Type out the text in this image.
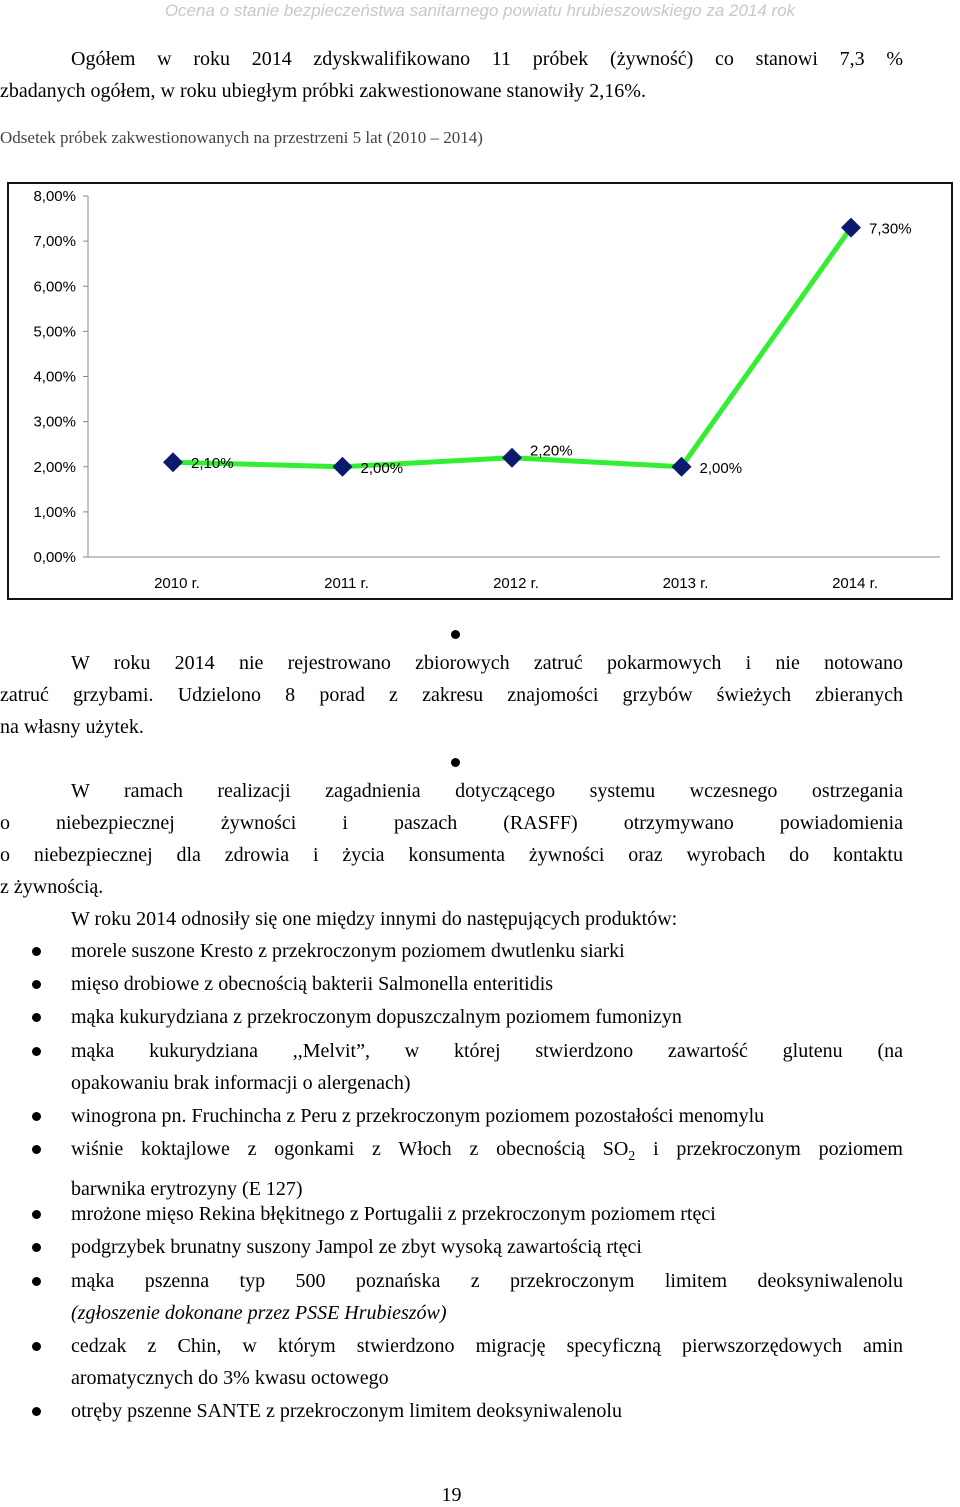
Ocena o stanie bezpieczeństwa sanitarnego powiatu hrubieszowskiego za 2014 rok
Ogółem w roku 2014 zdyskwalifikowano 11 próbek (żywność) co stanowi 7,3 %
zbadanych ogółem, w roku ubiegłym próbki zakwestionowane stanowiły 2,16%.
Odsetek próbek zakwestionowanych na przestrzeni 5 lat (2010 – 2014)
0,00%
1,00%
2,00%
3,00%
4,00%
5,00%
6,00%
7,00%
8,00%
2010 r.	2011 r.	2012 r.	2013 r.	2014 r.
2,10%	2,00%
2,20%
2,00%
7,30%
W roku 2014 nie rejestrowano zbiorowych zatruć pokarmowych i nie notowano
zatruć grzybami. Udzielono 8 porad z zakresu znajomości grzybów świeżych zbieranych
na własny użytek.
W ramach realizacji zagadnienia dotyczącego systemu wczesnego ostrzegania
o niebezpiecznej żywności i paszach (RASFF) otrzymywano powiadomienia
o niebezpiecznej dla zdrowia i życia konsumenta żywności oraz wyrobach do kontaktu
z żywnością.
W roku 2014 odnosiły się one między innymi do następujących produktów:
morele suszone Kresto z przekroczonym poziomem dwutlenku siarki
mięso drobiowe z obecnością bakterii Salmonella enteritidis
mąka kukurydziana z przekroczonym dopuszczalnym poziomem fumonizyn
mąka kukurydziana ,,Melvit”, w której stwierdzono zawartość glutenu (na
opakowaniu brak informacji o alergenach)
winogrona pn. Fruchincha z Peru z przekroczonym poziomem pozostałości menomylu
wiśnie koktajlowe z ogonkami z Włoch z obecnością $SO_2$ i przekroczonym poziomem
barwnika erytrozyny (E 127)
mrożone mięso Rekina błękitnego z Portugalii z przekroczonym poziomem rtęci
podgrzybek brunatny suszony Jampol ze zbyt wysoką zawartością rtęci
mąka pszenna typ 500 poznańska z przekroczonym limitem deoksyniwalenolu
(zgłoszenie dokonane przez PSSE Hrubieszów)
cedzak z Chin, w którym stwierdzono migrację specyficzną pierwszorzędowych amin
aromatycznych do 3% kwasu octowego
otręby pszenne SANTE z przekroczonym limitem deoksyniwalenolu
19
